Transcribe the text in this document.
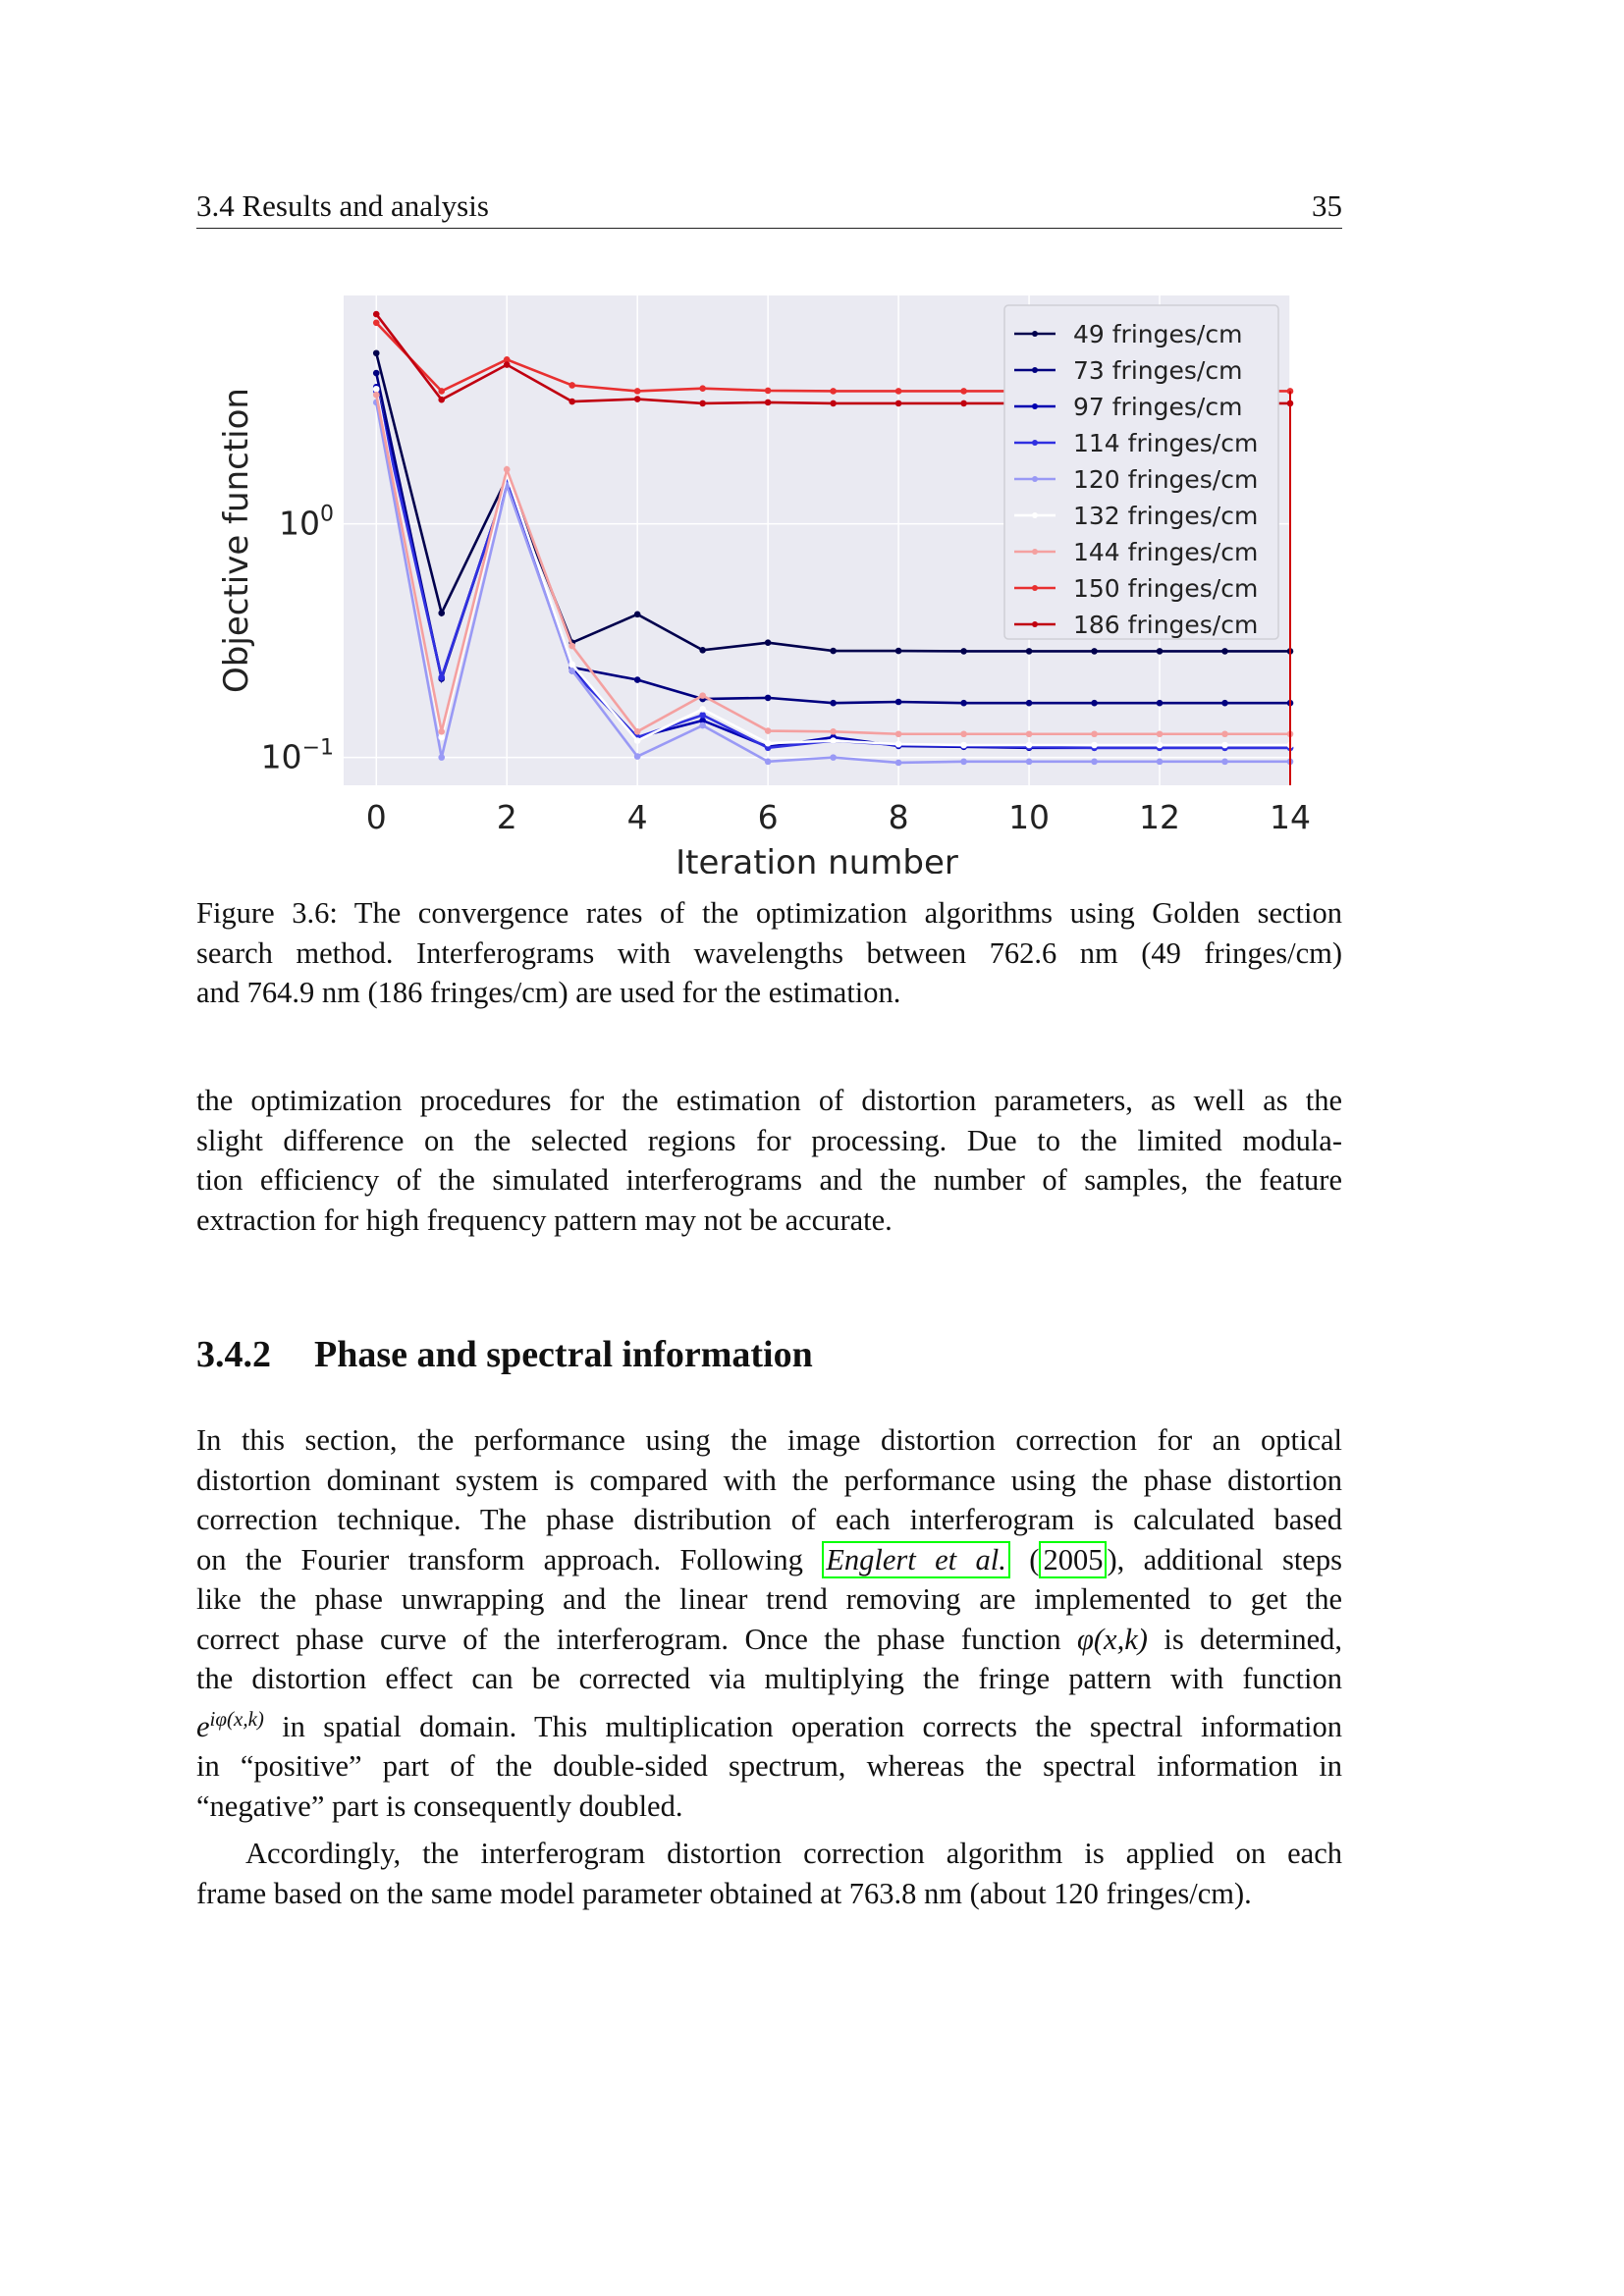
3.4 Results and analysis	35
0	2	4	6	8	10	12	14
$10^0$
$10^{-1}$
Iteration number
Objective function
49 fringes/cm
73 fringes/cm
97 fringes/cm
114 fringes/cm
120 fringes/cm
132 fringes/cm
144 fringes/cm
150 fringes/cm
186 fringes/cm
Figure 3.6: The convergence rates of the optimization algorithms using Golden section
search method. Interferograms with wavelengths between 762.6 nm (49 fringes/cm)
and 764.9 nm (186 fringes/cm) are used for the estimation.
the optimization procedures for the estimation of distortion parameters, as well as the
slight difference on the selected regions for processing. Due to the limited modula-
tion efficiency of the simulated interferograms and the number of samples, the feature
extraction for high frequency pattern may not be accurate.
3.4.2 Phase and spectral information
In this section, the performance using the image distortion correction for an optical
distortion dominant system is compared with the performance using the phase distortion
correction technique. The phase distribution of each interferogram is calculated based
on the Fourier transform approach. Following Englert et al. ( 2005 ), additional steps
like the phase unwrapping and the linear trend removing are implemented to get the
correct phase curve of the interferogram. Once the phase function φ(x,k) is determined,
the distortion effect can be corrected via multiplying the fringe pattern with function
$e^{i\varphi(x,k)}$ in spatial domain. This multiplication operation corrects the spectral information
in “positive” part of the double-sided spectrum, whereas the spectral information in
“negative” part is consequently doubled.
Accordingly, the interferogram distortion correction algorithm is applied on each
frame based on the same model parameter obtained at 763.8 nm (about 120 fringes/cm).
